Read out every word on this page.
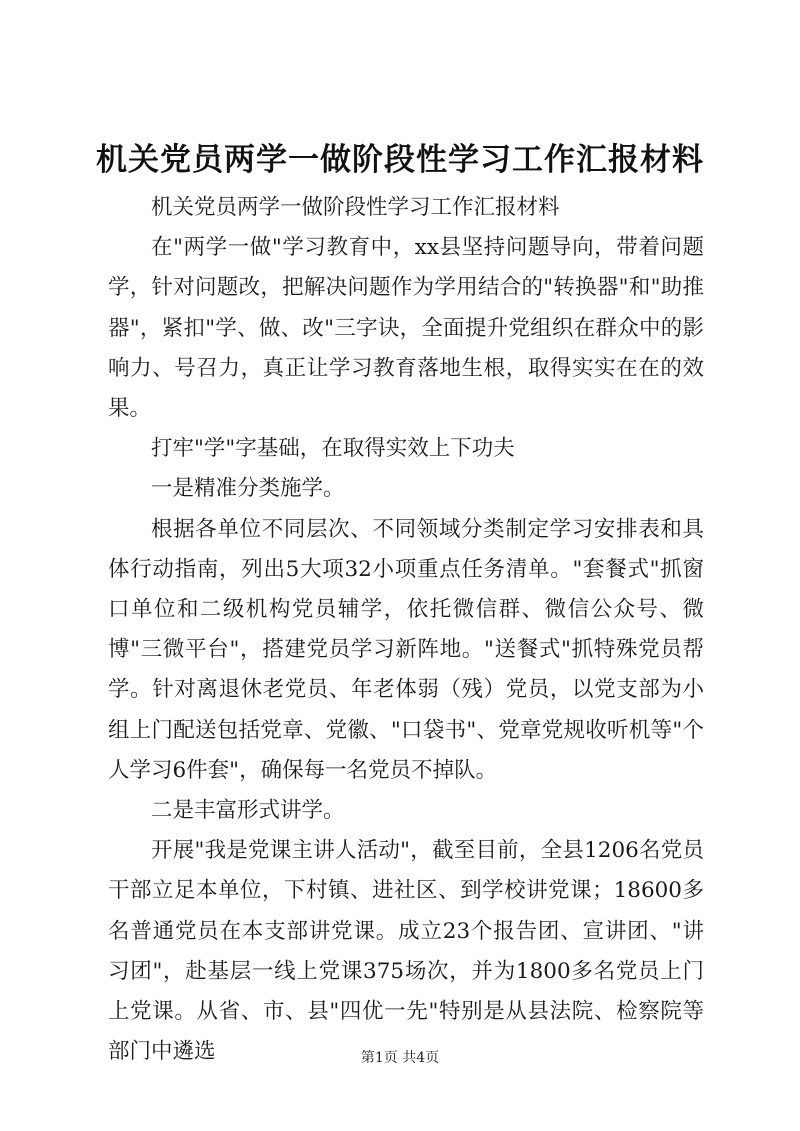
机关党员两学一做阶段性学习工作汇报材料

机关党员两学一做阶段性学习工作汇报材料

在"两学一做"学习教育中，xx县坚持问题导向，带着问题学，针对问题改，把解决问题作为学用结合的"转换器"和"助推器"，紧扣"学、做、改"三字诀，全面提升党组织在群众中的影响力、号召力，真正让学习教育落地生根，取得实实在在的效果。

打牢"学"字基础，在取得实效上下功夫

一是精准分类施学。

根据各单位不同层次、不同领域分类制定学习安排表和具体行动指南，列出5大项32小项重点任务清单。"套餐式"抓窗口单位和二级机构党员辅学，依托微信群、微信公众号、微博"三微平台"，搭建党员学习新阵地。"送餐式"抓特殊党员帮学。针对离退休老党员、年老体弱（残）党员，以党支部为小组上门配送包括党章、党徽、"口袋书"、党章党规收听机等"个人学习6件套"，确保每一名党员不掉队。

二是丰富形式讲学。

开展"我是党课主讲人活动"，截至目前，全县1206名党员干部立足本单位，下村镇、进社区、到学校讲党课；18600多名普通党员在本支部讲党课。成立23个报告团、宣讲团、"讲习团"，赴基层一线上党课375场次，并为1800多名党员上门上党课。从省、市、县"四优一先"特别是从县法院、检察院等部门中遴选	第1页 共4页
